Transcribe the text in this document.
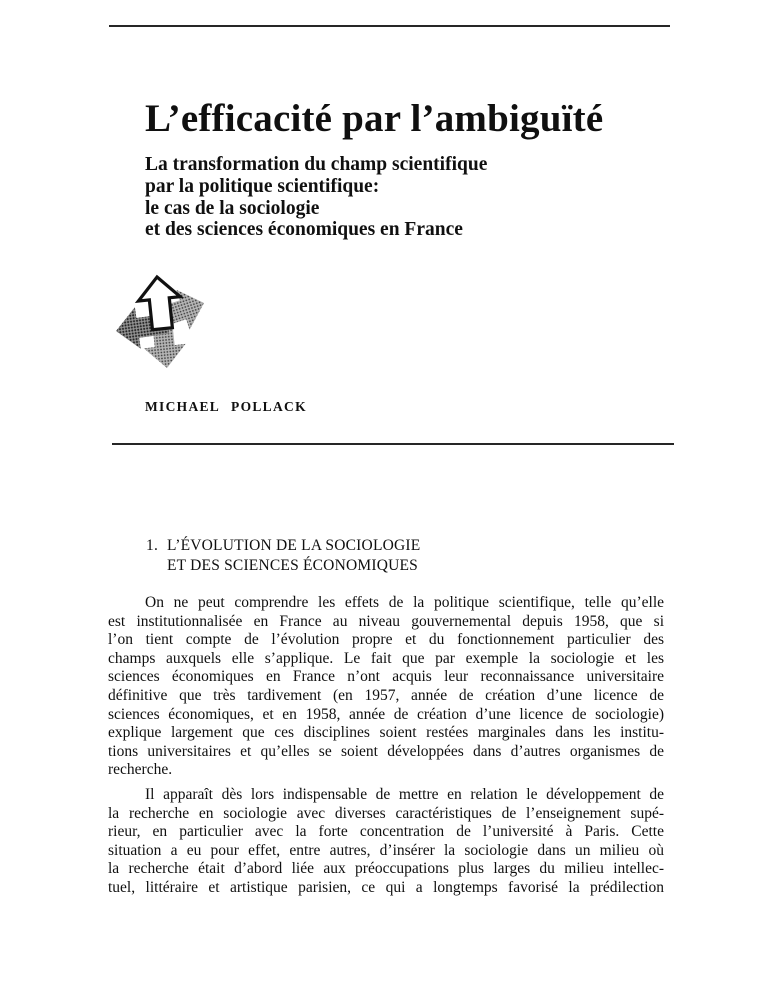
L’efficacité par l’ambiguïté
La transformation du champ scientifique
par la politique scientifique:
le cas de la sociologie
et des sciences économiques en France
MICHAEL POLLACK
1. L’ÉVOLUTION DE LA SOCIOLOGIE
ET DES SCIENCES ÉCONOMIQUES
On ne peut comprendre les effets de la politique scientifique, telle qu’elle
est institutionnalisée en France au niveau gouvernemental depuis 1958, que si
l’on tient compte de l’évolution propre et du fonctionnement particulier des
champs auxquels elle s’applique. Le fait que par exemple la sociologie et les
sciences économiques en France n’ont acquis leur reconnaissance universitaire
définitive que très tardivement (en 1957, année de création d’une licence de
sciences économiques, et en 1958, année de création d’une licence de sociologie)
explique largement que ces disciplines soient restées marginales dans les institu-
tions universitaires et qu’elles se soient développées dans d’autres organismes de
recherche.
Il apparaît dès lors indispensable de mettre en relation le développement de
la recherche en sociologie avec diverses caractéristiques de l’enseignement supé-
rieur, en particulier avec la forte concentration de l’université à Paris. Cette
situation a eu pour effet, entre autres, d’insérer la sociologie dans un milieu où
la recherche était d’abord liée aux préoccupations plus larges du milieu intellec-
tuel, littéraire et artistique parisien, ce qui a longtemps favorisé la prédilection
